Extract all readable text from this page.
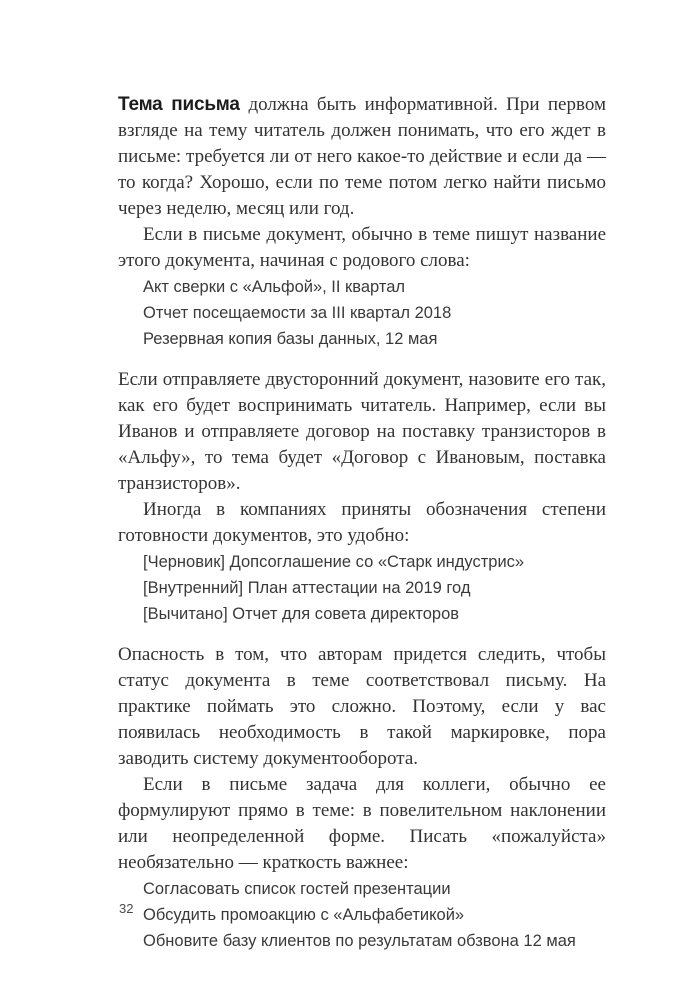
Тема письма должна быть информативной. При первом взгляде на тему читатель должен понимать, что его ждет в письме: требуется ли от него какое-то действие и если да — то когда? Хорошо, если по теме потом легко найти письмо через неделю, месяц или год.

Если в письме документ, обычно в теме пишут название этого документа, начиная с родового слова:

Акт сверки с «Альфой», II квартал
Отчет посещаемости за III квартал 2018
Резервная копия базы данных, 12 мая

Если отправляете двусторонний документ, назовите его так, как его будет воспринимать читатель. Например, если вы Иванов и отправляете договор на поставку транзисторов в «Альфу», то тема будет «Договор с Ивановым, поставка транзисторов».

Иногда в компаниях приняты обозначения степени готовности документов, это удобно:

[Черновик] Допсоглашение со «Старк индустрис»
[Внутренний] План аттестации на 2019 год
[Вычитано] Отчет для совета директоров

Опасность в том, что авторам придется следить, чтобы статус документа в теме соответствовал письму. На практике поймать это сложно. Поэтому, если у вас появилась необходимость в такой маркировке, пора заводить систему документооборота.

Если в письме задача для коллеги, обычно ее формулируют прямо в теме: в повелительном наклонении или неопределенной форме. Писать «пожалуйста» необязательно — краткость важнее:

Согласовать список гостей презентации
Обсудить промоакцию с «Альфабетикой»
Обновите базу клиентов по результатам обзвона 12 мая
32
